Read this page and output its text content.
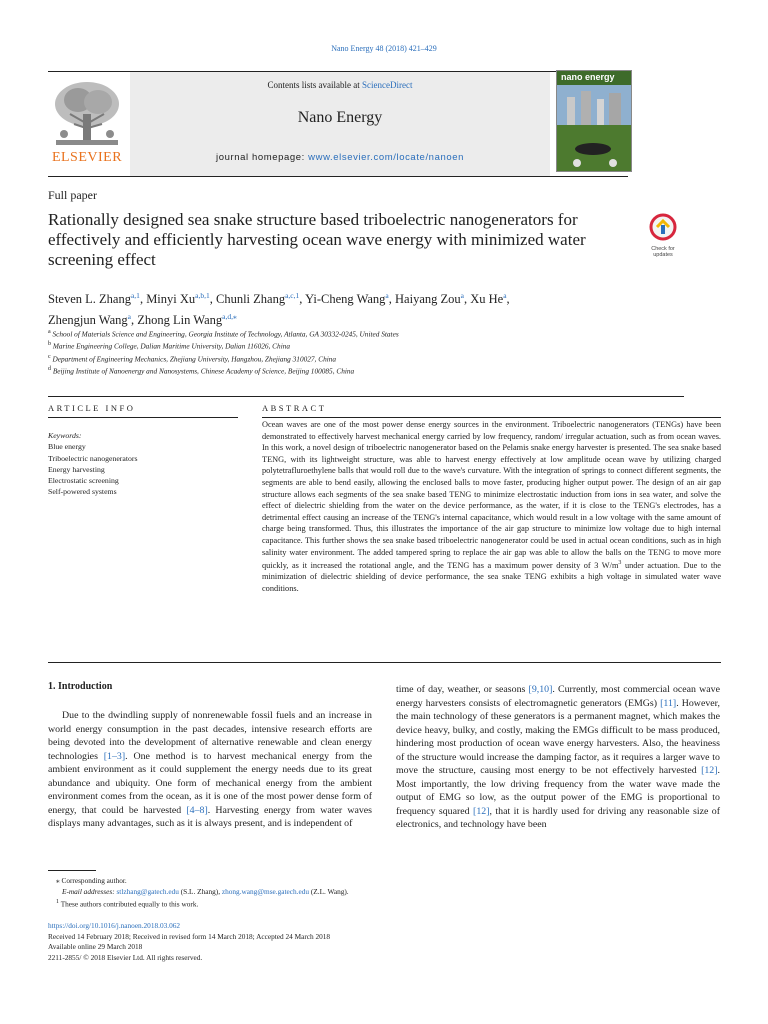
Nano Energy 48 (2018) 421–429
ELSEVIER
Contents lists available at ScienceDirect
Nano Energy
journal homepage: www.elsevier.com/locate/nanoen
nano energy
Full paper
Rationally designed sea snake structure based triboelectric nanogenerators for effectively and efficiently harvesting ocean wave energy with minimized water screening effect
Check for
updates
Steven L. Zhang$^{a,1}$, Minyi Xu$^{a,b,1}$, Chunli Zhang$^{a,c,1}$, Yi-Cheng Wang$^a$, Haiyang Zou$^a$, Xu He$^a$,
Zhengjun Wang$^a$, Zhong Lin Wang$^{a,d,⁎}$
$^a$ School of Materials Science and Engineering, Georgia Institute of Technology, Atlanta, GA 30332-0245, United States
$^b$ Marine Engineering College, Dalian Maritime University, Dalian 116026, China
$^c$ Department of Engineering Mechanics, Zhejiang University, Hangzhou, Zhejiang 310027, China
$^d$ Beijing Institute of Nanoenergy and Nanosystems, Chinese Academy of Science, Beijing 100085, China
ARTICLE INFO	ABSTRACT
Keywords:
Blue energy
Triboelectric nanogenerators
Energy harvesting
Electrostatic screening
Self-powered systems
Ocean waves are one of the most power dense energy sources in the environment. Triboelectric nanogenerators (TENGs) have been demonstrated to effectively harvest mechanical energy carried by low frequency, random/ irregular actuation, such as from ocean waves. In this work, a novel design of triboelectric nanogenerator based on the Pelamis snake energy harvester is presented. The sea snake based TENG, with its lightweight structure, was able to harvest energy effectively at low amplitude ocean wave by utilizing charged polytetrafluroethylene balls that would roll due to the wave's curvature. With the integration of springs to connect different segments, the segments are able to bend easily, allowing the enclosed balls to move faster, producing higher output power. The design of an air gap structure allows each segments of the sea snake based TENG to minimize electrostatic induction from ions in sea water, and solve the effect of dielectric shielding from the water on the device performance, as the water, if it is close to the TENG's electrodes, has a detrimental effect causing an increase of the TENG's internal capacitance, which would result in a low voltage with the same amount of charge being transformed. Thus, this illustrates the importance of the air gap structure to minimize low voltage due to high internal capacitance. This further shows the sea snake based triboelectric nanogenerator could be used in actual ocean conditions, such as in high salinity water environment. The added tampered spring to replace the air gap was able to allow the balls on the TENG to move more quickly, as it increased the rotational angle, and the TENG has a maximum power density of 3 $W/m^3$ under actuation. Due to the minimization of dielectric shielding of device performance, the sea snake TENG exhibits a high voltage in simulated water wave conditions.
1. Introduction

Due to the dwindling supply of nonrenewable fossil fuels and an increase in world energy consumption in the past decades, intensive research efforts are being devoted into the development of alternative renewable and clean energy technologies [1–3]. One method is to harvest mechanical energy from the ambient environment as it could supplement the energy needs due to its great abundance and ubiquity. One form of mechanical energy from the ambient environment comes from the ocean, as it is one of the most power dense form of energy, that could be harvested [4–8]. Harvesting energy from water waves displays many advantages, such as it is always present, and is independent of

time of day, weather, or seasons [9,10]. Currently, most commercial ocean wave energy harvesters consists of electromagnetic generators (EMGs) [11]. However, the main technology of these generators is a permanent magnet, which makes the device heavy, bulky, and costly, making the EMGs difficult to be mass produced, hindering most production of ocean wave energy harvesters. Also, the heaviness of the structure would increase the damping factor, as it requires a larger wave to move the structure, causing most energy to be not effectively harvested [12]. Most importantly, the low driving frequency from the water wave made the output of EMG so low, as the output power of the EMG is proportional to frequency squared [12], that it is hardly used for driving any reasonable size of electronics, and technology have been

⁎ Corresponding author.
E-mail addresses: stlzhang@gatech.edu (S.L. Zhang), zhong.wang@mse.gatech.edu (Z.L. Wang).
$^1$ These authors contributed equally to this work.
https://doi.org/10.1016/j.nanoen.2018.03.062
Received 14 February 2018; Received in revised form 14 March 2018; Accepted 24 March 2018
Available online 29 March 2018
2211-2855/ © 2018 Elsevier Ltd. All rights reserved.
